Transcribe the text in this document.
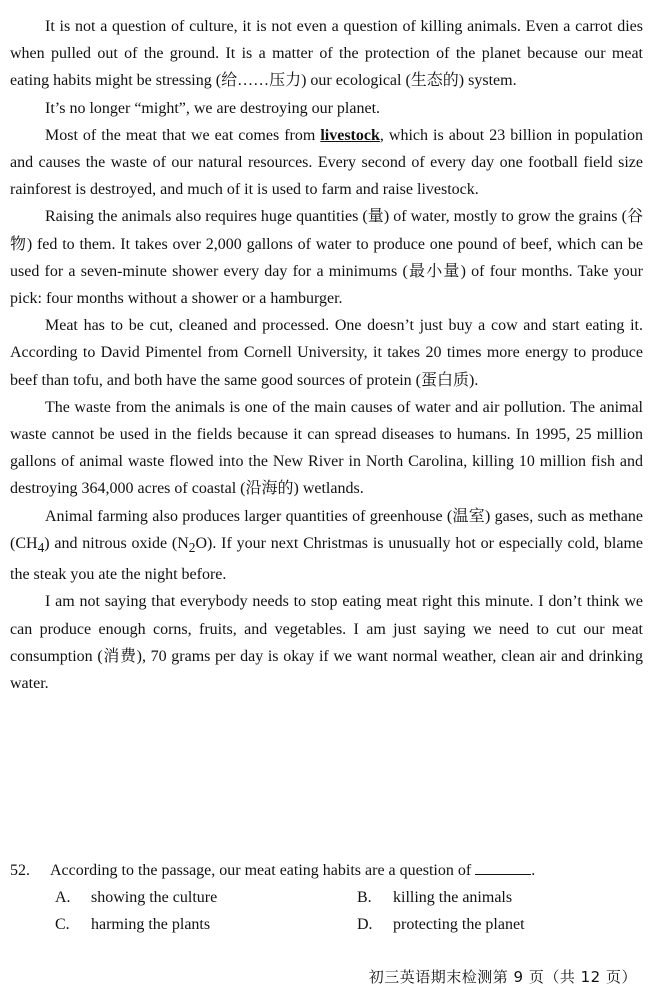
It is not a question of culture, it is not even a question of killing animals. Even a carrot dies when pulled out of the ground. It is a matter of the protection of the planet because our meat eating habits might be stressing (给……压力) our ecological (生态的) system.

It’s no longer “might”, we are destroying our planet.

Most of the meat that we eat comes from livestock, which is about 23 billion in population and causes the waste of our natural resources. Every second of every day one football field size rainforest is destroyed, and much of it is used to farm and raise livestock.

Raising the animals also requires huge quantities (量) of water, mostly to grow the grains (谷物) fed to them. It takes over 2,000 gallons of water to produce one pound of beef, which can be used for a seven-minute shower every day for a minimums (最小量) of four months. Take your pick: four months without a shower or a hamburger.

Meat has to be cut, cleaned and processed. One doesn’t just buy a cow and start eating it. According to David Pimentel from Cornell University, it takes 20 times more energy to produce beef than tofu, and both have the same good sources of protein (蛋白质).

The waste from the animals is one of the main causes of water and air pollution. The animal waste cannot be used in the fields because it can spread diseases to humans. In 1995, 25 million gallons of animal waste flowed into the New River in North Carolina, killing 10 million fish and destroying 364,000 acres of coastal (沿海的) wetlands.

Animal farming also produces larger quantities of greenhouse (温室) gases, such as methane $(CH_4)$ and nitrous oxide $(N_2O)$. If your next Christmas is unusually hot or especially cold, blame the steak you ate the night before.

I am not saying that everybody needs to stop eating meat right this minute. I don’t think we can produce enough corns, fruits, and vegetables. I am just saying we need to cut our meat consumption (消费), 70 grams per day is okay if we want normal weather, clean air and drinking water.

52.	According to the passage, our meat eating habits are a question of	.
A.	showing the culture	B.	killing the animals
C.	harming the plants	D.	protecting the planet
初三英语期末检测第 9 页（共 12 页）
